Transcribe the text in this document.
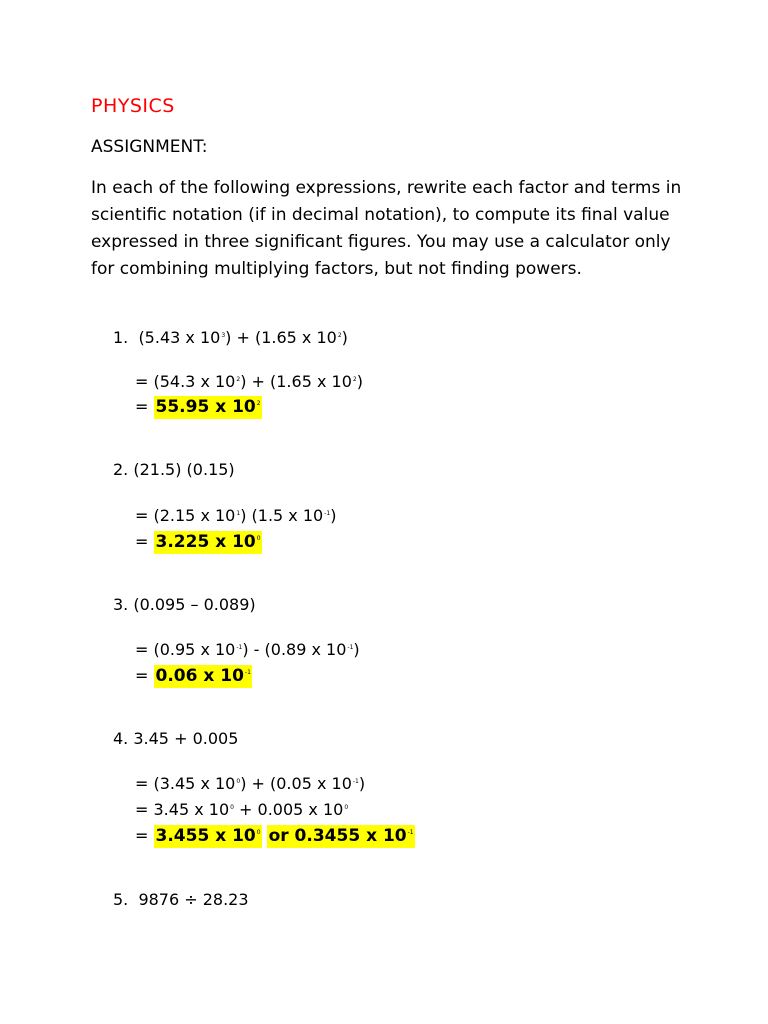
PHYSICS
ASSIGNMENT:
In each of the following expressions, rewrite each factor and terms in scientific notation (if in decimal notation), to compute its final value expressed in three significant figures. You may use a calculator only for combining multiplying factors, but not finding powers.
1. (5.43 x $10^3) + (1.65$ x $10^2$)
= (54.3 x $10^2) + (1.65$ x $10^2$)
= 55.95 x $10^2$
2. (21.5) (0.15)
= (2.15 x $10^1$) (1.5 x $10^{-1}$)
= 3.225 x $10^0$
3. (0.095 – 0.089)
= (0.95 x $10^{-1}) - (0.89$ x $10^{-1}$)
= 0.06 x $10^{-1}$
4. 3.45 + 0.005
= (3.45 x $10^0) + (0.05$ x $10^{-1}$)
= 3.45 x $10^0 + 0.005$ x $10^0$
= 3.455 x $10^0$ or 0.3455 x $10^{-1}$
5. 9876 ÷ 28.23
